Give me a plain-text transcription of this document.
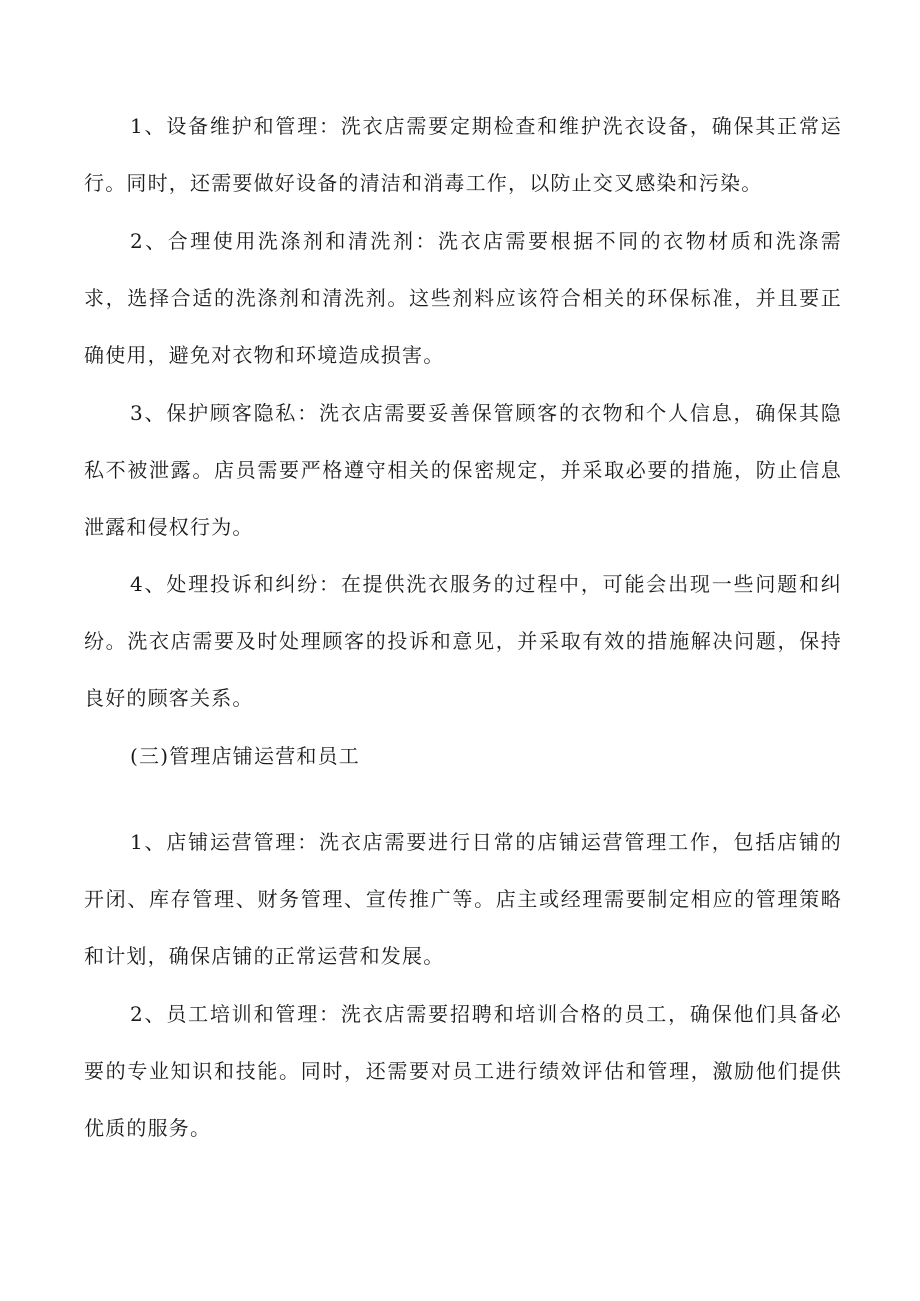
1、设备维护和管理：洗衣店需要定期检查和维护洗衣设备，确保其正常运行。同时，还需要做好设备的清洁和消毒工作，以防止交叉感染和污染。

2、合理使用洗涤剂和清洗剂：洗衣店需要根据不同的衣物材质和洗涤需求，选择合适的洗涤剂和清洗剂。这些剂料应该符合相关的环保标准，并且要正确使用，避免对衣物和环境造成损害。

3、保护顾客隐私：洗衣店需要妥善保管顾客的衣物和个人信息，确保其隐私不被泄露。店员需要严格遵守相关的保密规定，并采取必要的措施，防止信息泄露和侵权行为。

4、处理投诉和纠纷：在提供洗衣服务的过程中，可能会出现一些问题和纠纷。洗衣店需要及时处理顾客的投诉和意见，并采取有效的措施解决问题，保持良好的顾客关系。

(三)管理店铺运营和员工

1、店铺运营管理：洗衣店需要进行日常的店铺运营管理工作，包括店铺的开闭、库存管理、财务管理、宣传推广等。店主或经理需要制定相应的管理策略和计划，确保店铺的正常运营和发展。

2、员工培训和管理：洗衣店需要招聘和培训合格的员工，确保他们具备必要的专业知识和技能。同时，还需要对员工进行绩效评估和管理，激励他们提供优质的服务。
